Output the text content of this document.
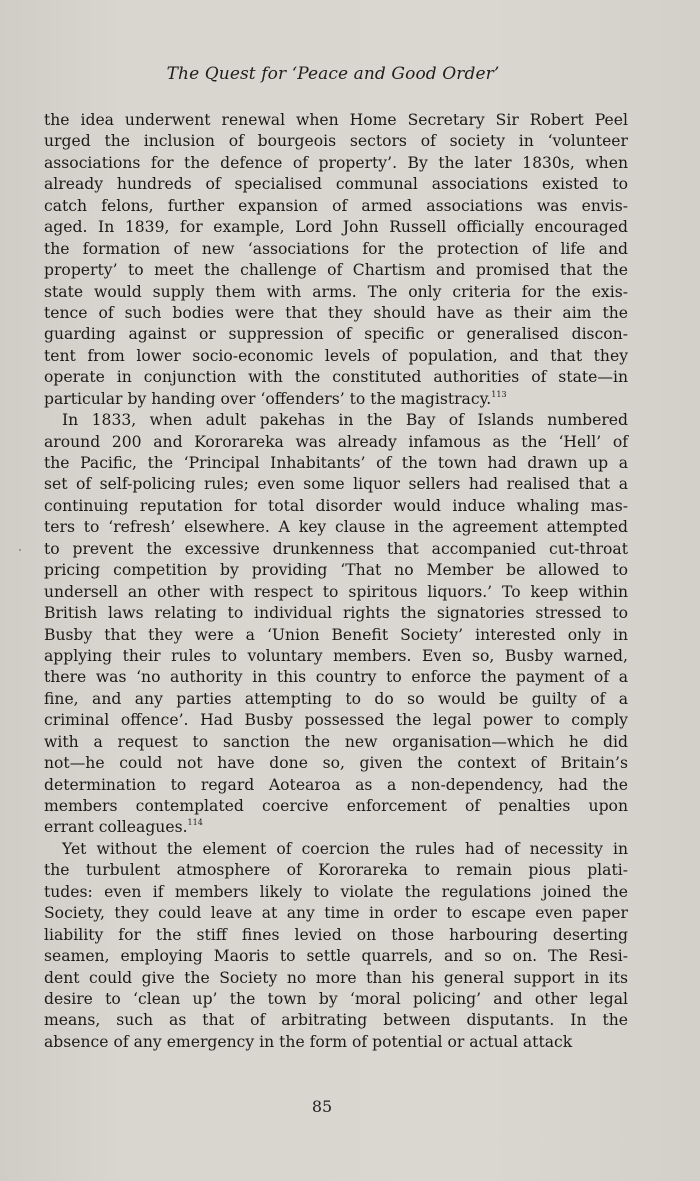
The Quest for ‘Peace and Good Order’
the idea underwent renewal when Home Secretary Sir Robert Peel
urged the inclusion of bourgeois sectors of society in ‘volunteer
associations for the defence of property’. By the later 1830s, when
already hundreds of specialised communal associations existed to
catch felons, further expansion of armed associations was envis-
aged. In 1839, for example, Lord John Russell officially encouraged
the formation of new ‘associations for the protection of life and
property’ to meet the challenge of Chartism and promised that the
state would supply them with arms. The only criteria for the exis-
tence of such bodies were that they should have as their aim the
guarding against or suppression of specific or generalised discon-
tent from lower socio-economic levels of population, and that they
operate in conjunction with the constituted authorities of state—in
particular by handing over ‘offenders’ to the magistracy.$^{113}$
In 1833, when adult pakehas in the Bay of Islands numbered
around 200 and Kororareka was already infamous as the ‘Hell’ of
the Pacific, the ‘Principal Inhabitants’ of the town had drawn up a
set of self-policing rules; even some liquor sellers had realised that a
continuing reputation for total disorder would induce whaling mas-
ters to ‘refresh’ elsewhere. A key clause in the agreement attempted
to prevent the excessive drunkenness that accompanied cut-throat
pricing competition by providing ‘That no Member be allowed to
undersell an other with respect to spiritous liquors.’ To keep within
British laws relating to individual rights the signatories stressed to
Busby that they were a ‘Union Benefit Society’ interested only in
applying their rules to voluntary members. Even so, Busby warned,
there was ‘no authority in this country to enforce the payment of a
fine, and any parties attempting to do so would be guilty of a
criminal offence’. Had Busby possessed the legal power to comply
with a request to sanction the new organisation—which he did
not—he could not have done so, given the context of Britain’s
determination to regard Aotearoa as a non-dependency, had the
members contemplated coercive enforcement of penalties upon
errant colleagues.$^{114}$
Yet without the element of coercion the rules had of necessity in
the turbulent atmosphere of Kororareka to remain pious plati-
tudes: even if members likely to violate the regulations joined the
Society, they could leave at any time in order to escape even paper
liability for the stiff fines levied on those harbouring deserting
seamen, employing Maoris to settle quarrels, and so on. The Resi-
dent could give the Society no more than his general support in its
desire to ‘clean up’ the town by ‘moral policing’ and other legal
means, such as that of arbitrating between disputants. In the
absence of any emergency in the form of potential or actual attack
85
